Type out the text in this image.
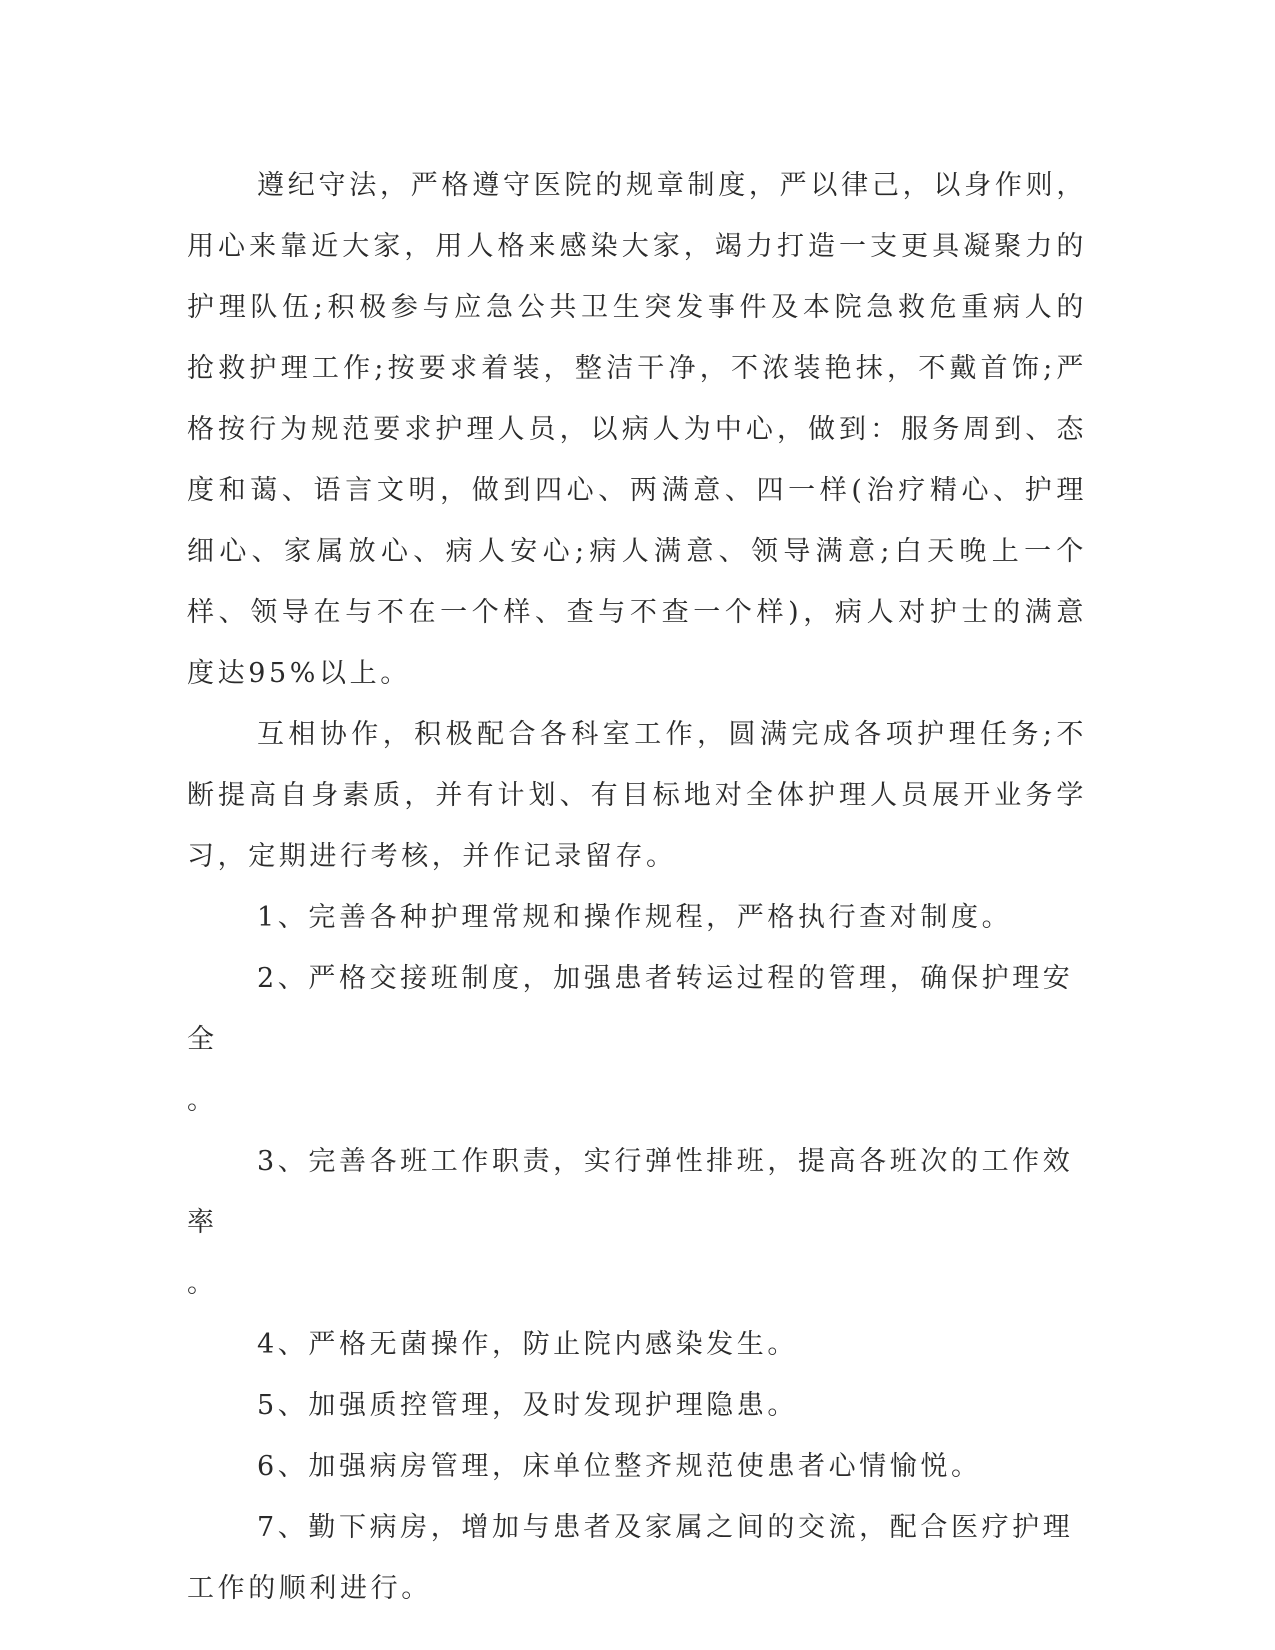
遵纪守法，严格遵守医院的规章制度，严以律己，以身作则，用心来靠近大家，用人格来感染大家，竭力打造一支更具凝聚力的护理队伍;积极参与应急公共卫生突发事件及本院急救危重病人的抢救护理工作;按要求着装，整洁干净，不浓装艳抹，不戴首饰;严格按行为规范要求护理人员，以病人为中心，做到：服务周到、态度和蔼、语言文明，做到四心、两满意、四一样(治疗精心、护理细心、家属放心、病人安心;病人满意、领导满意;白天晚上一个样、领导在与不在一个样、查与不查一个样)，病人对护士的满意度达95%以上。

互相协作，积极配合各科室工作，圆满完成各项护理任务;不断提高自身素质，并有计划、有目标地对全体护理人员展开业务学习，定期进行考核，并作记录留存。

1、完善各种护理常规和操作规程，严格执行查对制度。

2、严格交接班制度，加强患者转运过程的管理，确保护理安全

。

3、完善各班工作职责，实行弹性排班，提高各班次的工作效率

。

4、严格无菌操作，防止院内感染发生。

5、加强质控管理，及时发现护理隐患。

6、加强病房管理，床单位整齐规范使患者心情愉悦。

7、勤下病房，增加与患者及家属之间的交流，配合医疗护理工作的顺利进行。
